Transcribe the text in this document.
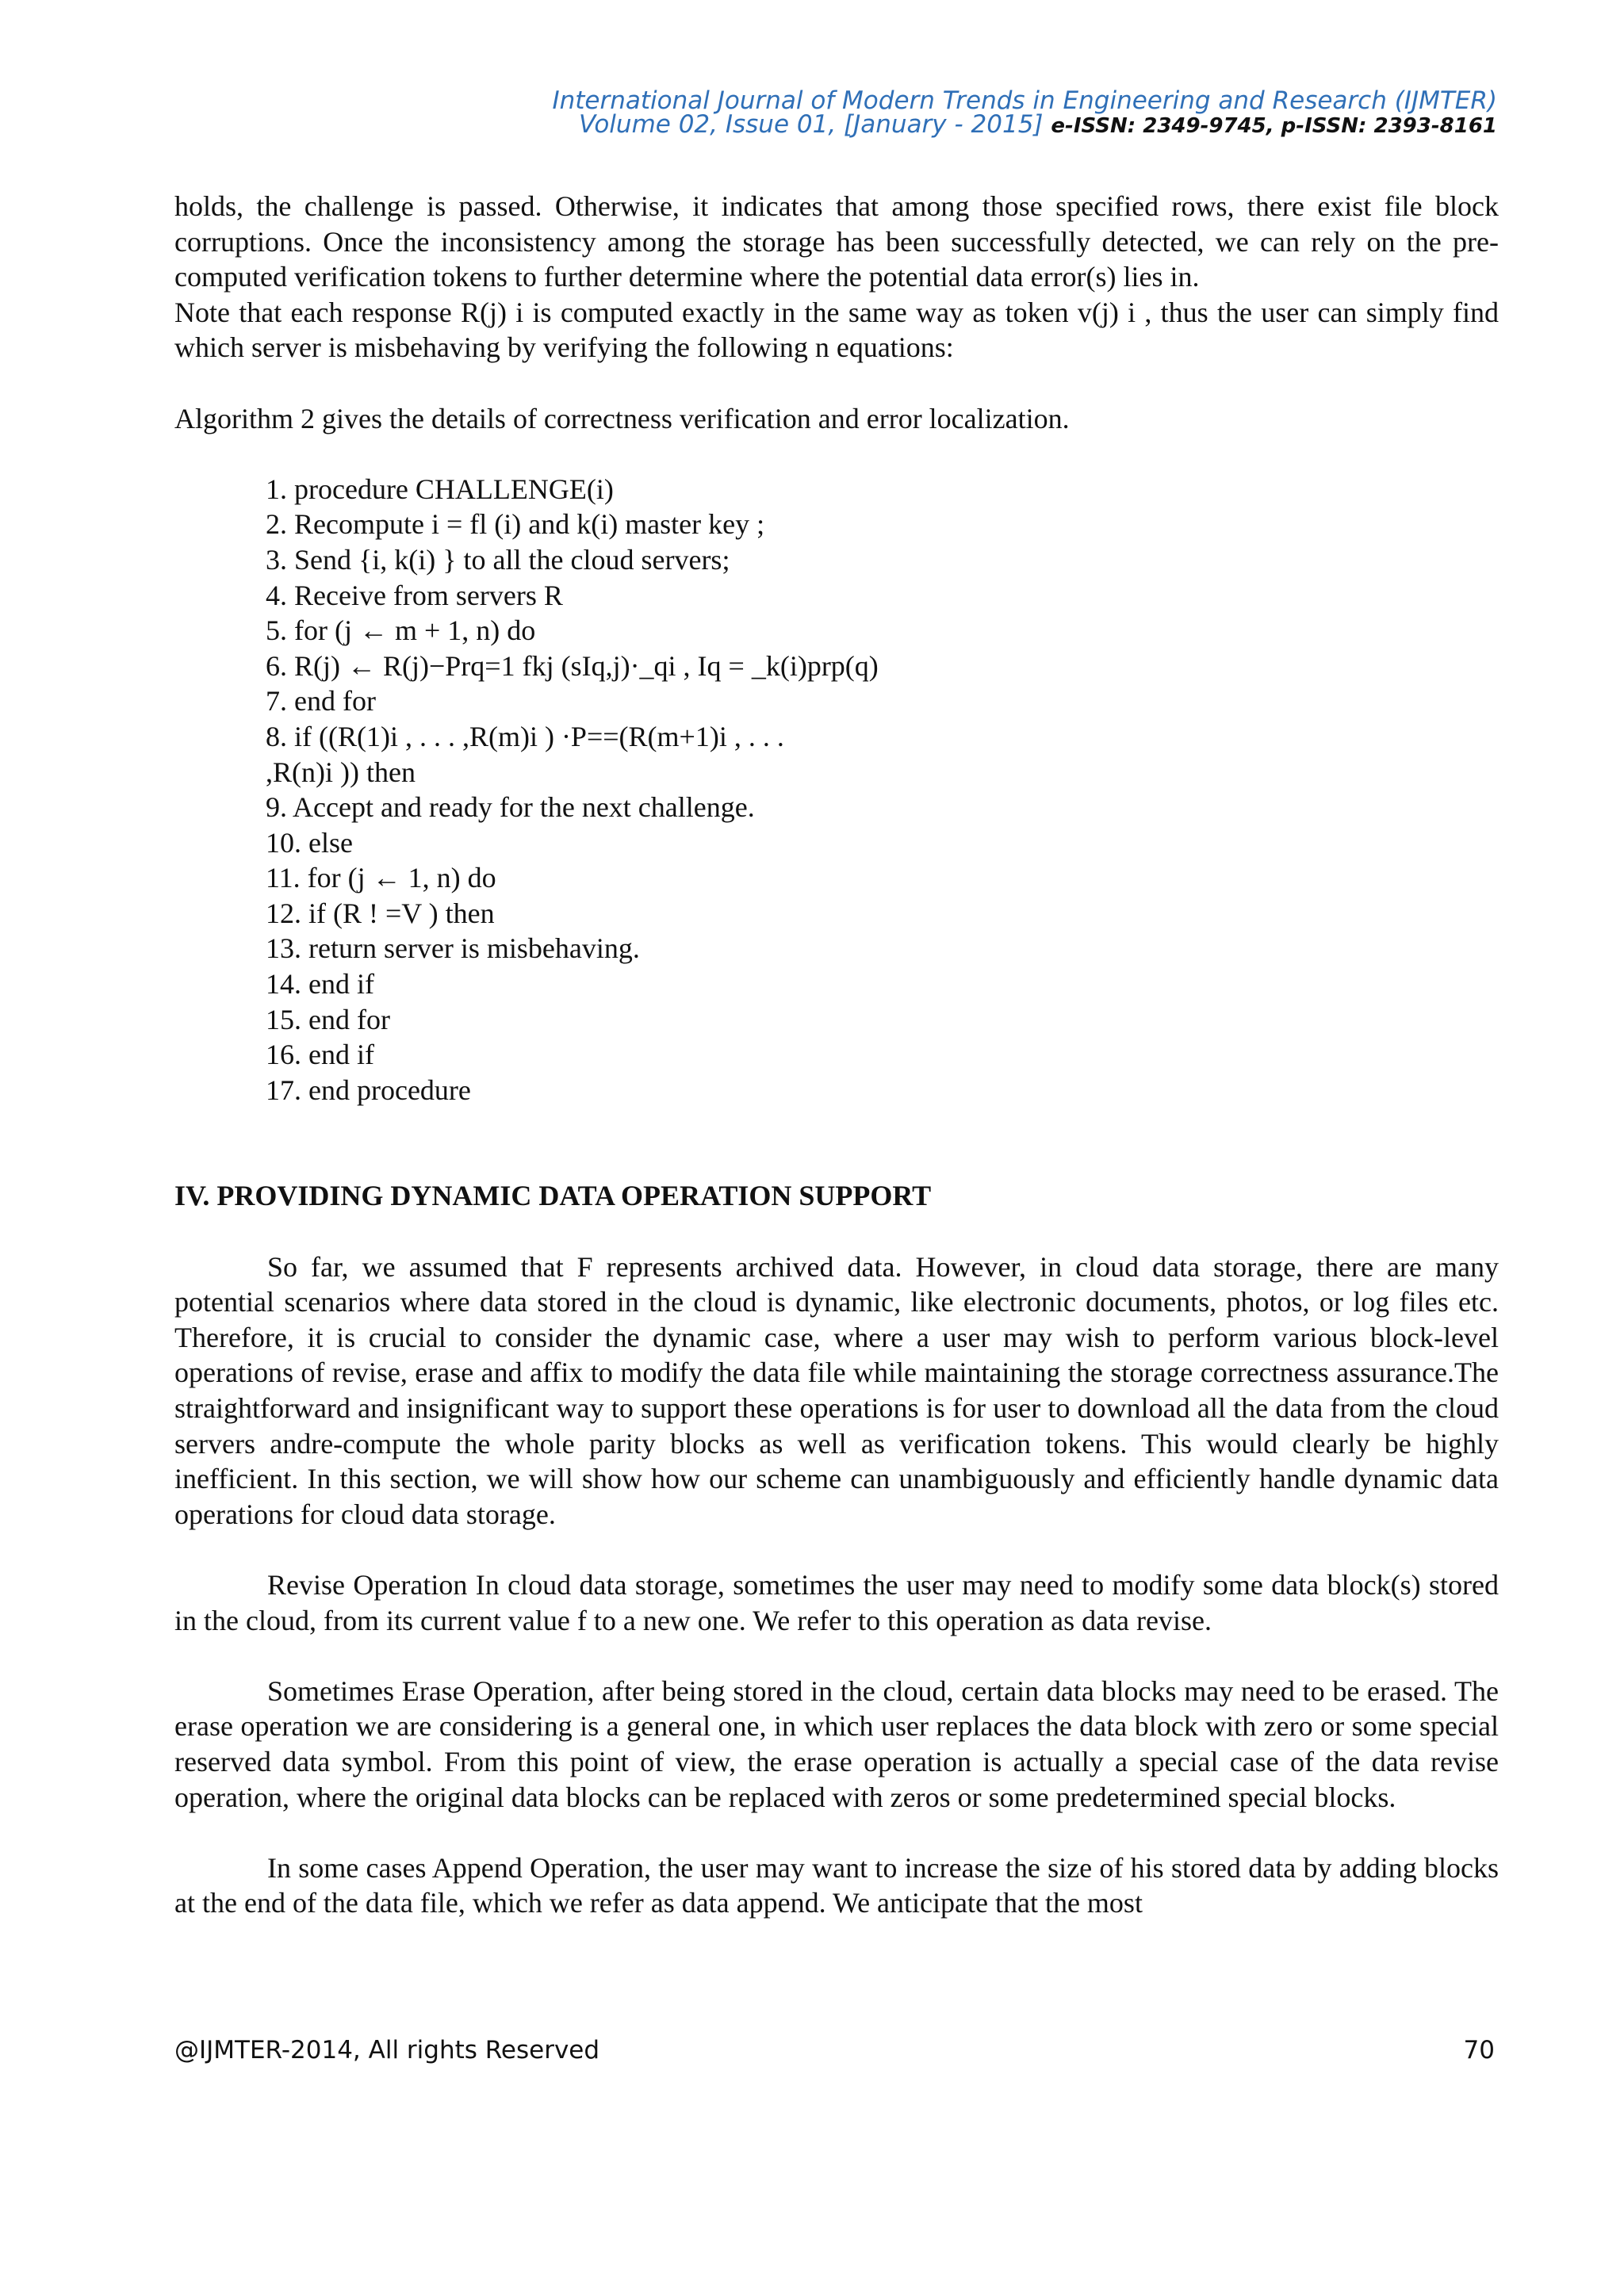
International Journal of Modern Trends in Engineering and Research (IJMTER)
Volume 02, Issue 01, [January - 2015] e-ISSN: 2349-9745, p-ISSN: 2393-8161

holds, the challenge is passed. Otherwise, it indicates that among those specified rows, there exist file block corruptions. Once the inconsistency among the storage has been successfully detected, we can rely on the pre-computed verification tokens to further determine where the potential data error(s) lies in.

Note that each response R(j) i is computed exactly in the same way as token v(j) i , thus the user can simply find which server is misbehaving by verifying the following n equations:

Algorithm 2 gives the details of correctness verification and error localization.

1. procedure CHALLENGE(i)
2. Recompute i = fl (i) and k(i) master key ;
3. Send {i, k(i) } to all the cloud servers;
4. Receive from servers R
5. for (j ← m + 1, n) do
6. R(j) ← R(j)−Prq=1 fkj (sIq,j)·_qi , Iq = _k(i)prp(q)
7. end for
8. if ((R(1)i , . . . ,R(m)i ) ·P==(R(m+1)i , . . .
,R(n)i )) then
9. Accept and ready for the next challenge.
10. else
11. for (j ← 1, n) do
12. if (R ! =V ) then
13. return server is misbehaving.
14. end if
15. end for
16. end if
17. end procedure

IV. PROVIDING DYNAMIC DATA OPERATION SUPPORT

So far, we assumed that F represents archived data. However, in cloud data storage, there are many potential scenarios where data stored in the cloud is dynamic, like electronic documents, photos, or log files etc. Therefore, it is crucial to consider the dynamic case, where a user may wish to perform various block-level operations of revise, erase and affix to modify the data file while maintaining the storage correctness assurance.The straightforward and insignificant way to support these operations is for user to download all the data from the cloud servers andre-compute the whole parity blocks as well as verification tokens. This would clearly be highly inefficient. In this section, we will show how our scheme can unambiguously and efficiently handle dynamic data operations for cloud data storage.

Revise Operation In cloud data storage, sometimes the user may need to modify some data block(s) stored in the cloud, from its current value f to a new one. We refer to this operation as data revise.

Sometimes Erase Operation, after being stored in the cloud, certain data blocks may need to be erased. The erase operation we are considering is a general one, in which user replaces the data block with zero or some special reserved data symbol. From this point of view, the erase operation is actually a special case of the data revise operation, where the original data blocks can be replaced with zeros or some predetermined special blocks.

In some cases Append Operation, the user may want to increase the size of his stored data by adding blocks at the end of the data file, which we refer as data append. We anticipate that the most

@IJMTER-2014, All rights Reserved	70
